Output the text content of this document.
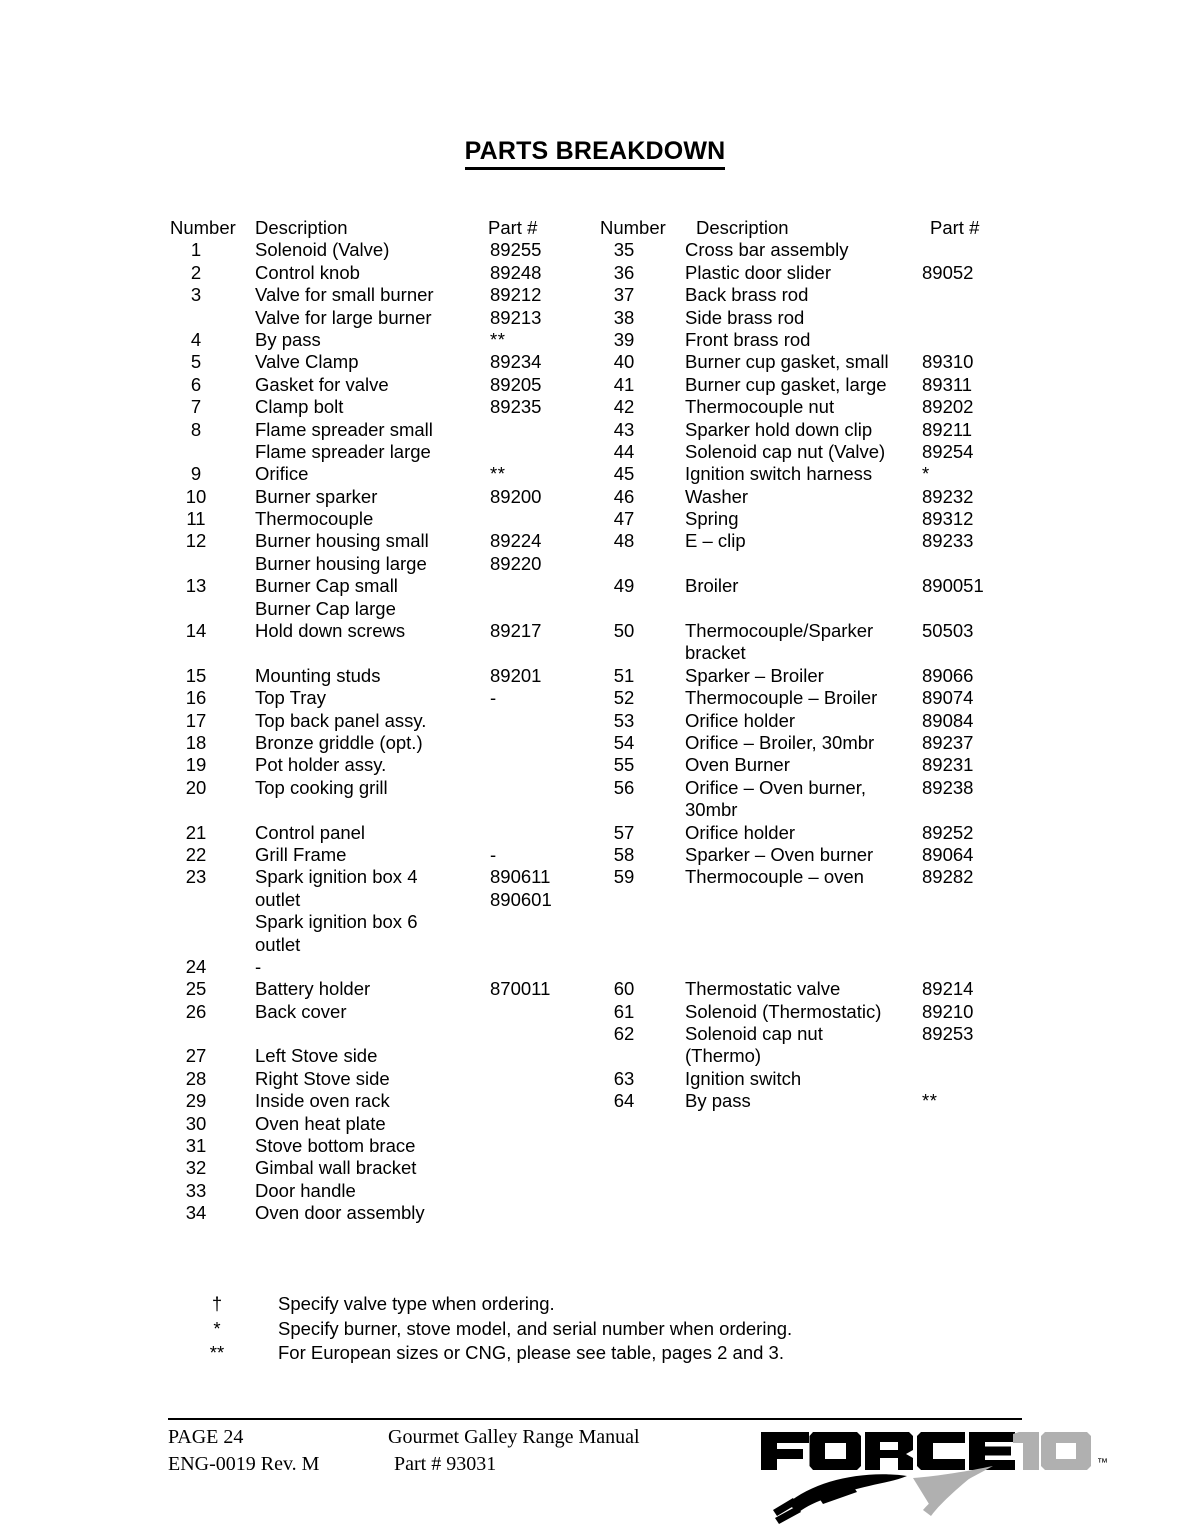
PARTS BREAKDOWN
Number Description	Part #
1	Solenoid (Valve)	89255
2	Control knob	89248
3	Valve for small burner	89212
Valve for large burner	89213
4	By pass	**
5	Valve Clamp	89234
6	Gasket for valve	89205
7	Clamp bolt	89235
8	Flame spreader small
Flame spreader large
9	Orifice	**
10	Burner sparker	89200
11	Thermocouple
12	Burner housing small	89224
Burner housing large	89220
13	Burner Cap small
Burner Cap large
14	Hold down screws	89217
15	Mounting studs	89201
16	Top Tray	-
17	Top back panel assy.
18	Bronze griddle (opt.)
19	Pot holder assy.
20	Top cooking grill
21	Control panel
22	Grill Frame	-
23	Spark ignition box 4	890611
outlet	890601
Spark ignition box 6
outlet
24	-
25	Battery holder	870011
26	Back cover
27	Left Stove side
28	Right Stove side
29	Inside oven rack
30	Oven heat plate
31	Stove bottom brace
32	Gimbal wall bracket
33	Door handle
34	Oven door assembly
Number	Description	Part #
35	Cross bar assembly
36	Plastic door slider	89052
37	Back brass rod
38	Side brass rod
39	Front brass rod
40	Burner cup gasket, small 89310
41	Burner cup gasket, large 89311
42	Thermocouple nut	89202
43	Sparker hold down clip	89211
44	Solenoid cap nut (Valve) 89254
45	Ignition switch harness	*
46	Washer	89232
47	Spring	89312
48	E – clip	89233
49	Broiler	890051
50	Thermocouple/Sparker	50503
bracket
51	Sparker – Broiler	89066
52	Thermocouple – Broiler 89074
53	Orifice holder	89084
54	Orifice – Broiler, 30mbr	89237
55	Oven Burner	89231
56	Orifice – Oven burner,	89238
30mbr
57	Orifice holder	89252
58	Sparker – Oven burner	89064
59	Thermocouple – oven	89282
60	Thermostatic valve	89214
61	Solenoid (Thermostatic) 89210
62	Solenoid cap nut	89253
(Thermo)
63	Ignition switch
64	By pass	**
†	Specify valve type when ordering.
*	Specify burner, stove model, and serial number when ordering.
**	For European sizes or CNG, please see table, pages 2 and 3.
PAGE 24	Gourmet Galley Range Manual
ENG-0019 Rev. M	Part # 93031	™
